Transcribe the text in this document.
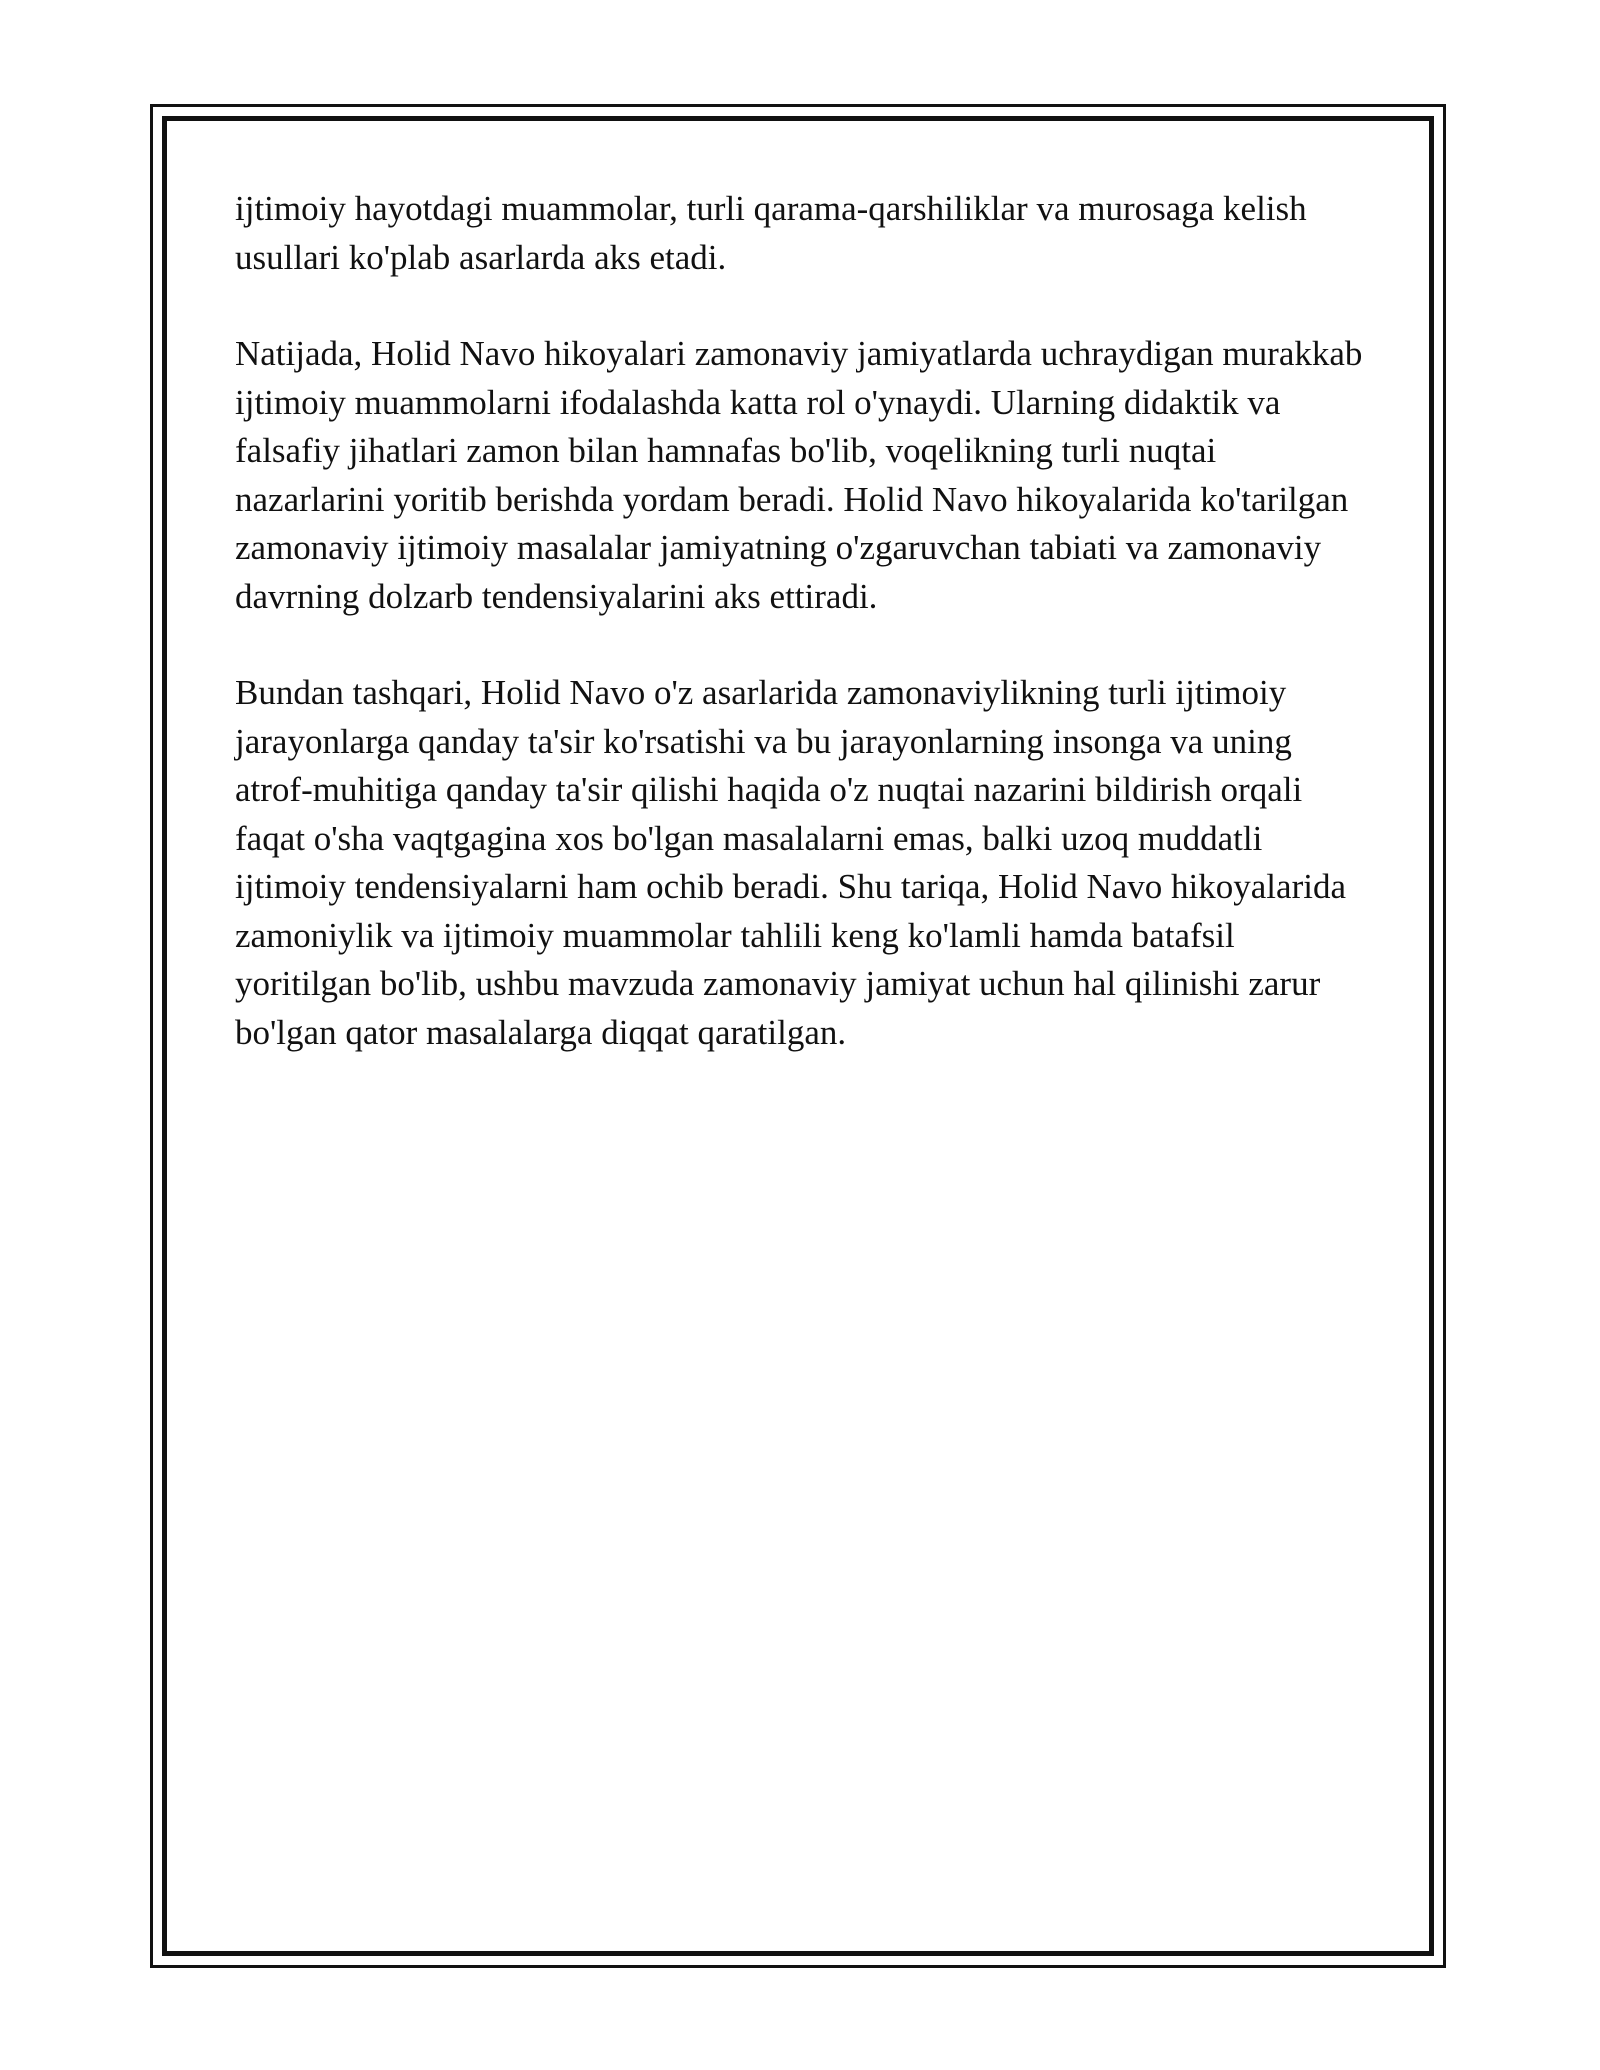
ijtimoiy hayotdagi muammolar, turli qarama-qarshiliklar va murosaga kelish usullari ko'plab asarlarda aks etadi.

Natijada, Holid Navo hikoyalari zamonaviy jamiyatlarda uchraydigan murakkab ijtimoiy muammolarni ifodalashda katta rol o'ynaydi. Ularning didaktik va falsafiy jihatlari zamon bilan hamnafas bo'lib, voqelikning turli nuqtai nazarlarini yoritib berishda yordam beradi. Holid Navo hikoyalarida ko'tarilgan zamonaviy ijtimoiy masalalar jamiyatning o'zgaruvchan tabiati va zamonaviy davrning dolzarb tendensiyalarini aks ettiradi.

Bundan tashqari, Holid Navo o'z asarlarida zamonaviylikning turli ijtimoiy jarayonlarga qanday ta'sir ko'rsatishi va bu jarayonlarning insonga va uning atrof-muhitiga qanday ta'sir qilishi haqida o'z nuqtai nazarini bildirish orqali faqat o'sha vaqtgagina xos bo'lgan masalalarni emas, balki uzoq muddatli ijtimoiy tendensiyalarni ham ochib beradi. Shu tariqa, Holid Navo hikoyalarida zamoniylik va ijtimoiy muammolar tahlili keng ko'lamli hamda batafsil yoritilgan bo'lib, ushbu mavzuda zamonaviy jamiyat uchun hal qilinishi zarur bo'lgan qator masalalarga diqqat qaratilgan.
